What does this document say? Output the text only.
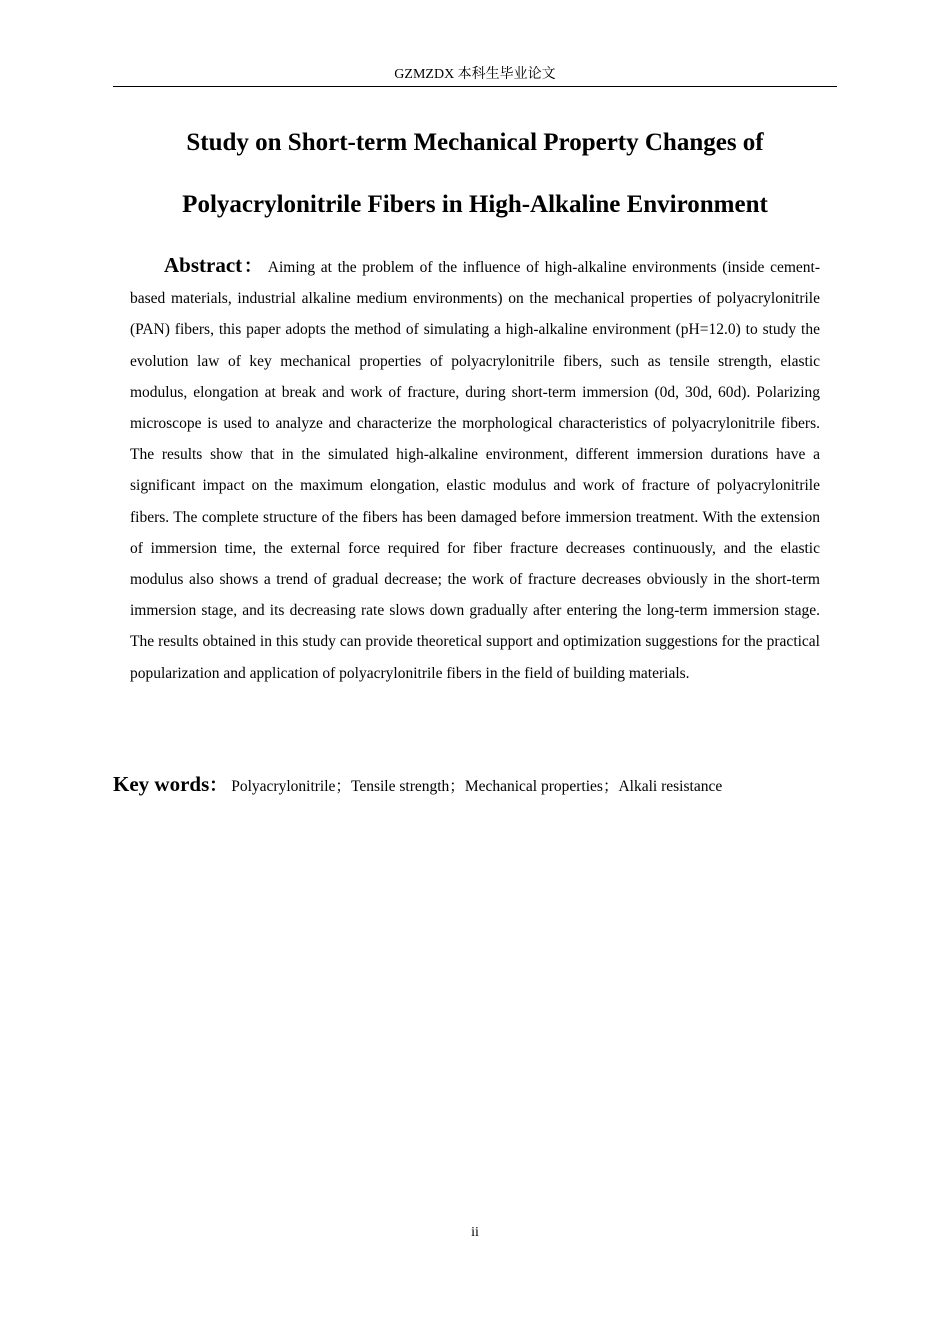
GZMZDX 本科生毕业论文
Study on Short-term Mechanical Property Changes of
Polyacrylonitrile Fibers in High-Alkaline Environment
Abstract： Aiming at the problem of the influence of high-alkaline environments (inside cement-based materials, industrial alkaline medium environments) on the mechanical properties of polyacrylonitrile (PAN) fibers, this paper adopts the method of simulating a high-alkaline environment (pH=12.0) to study the evolution law of key mechanical properties of polyacrylonitrile fibers, such as tensile strength, elastic modulus, elongation at break and work of fracture, during short-term immersion (0d, 30d, 60d). Polarizing microscope is used to analyze and characterize the morphological characteristics of polyacrylonitrile fibers. The results show that in the simulated high-alkaline environment, different immersion durations have a significant impact on the maximum elongation, elastic modulus and work of fracture of polyacrylonitrile fibers. The complete structure of the fibers has been damaged before immersion treatment. With the extension of immersion time, the external force required for fiber fracture decreases continuously, and the elastic modulus also shows a trend of gradual decrease; the work of fracture decreases obviously in the short-term immersion stage, and its decreasing rate slows down gradually after entering the long-term immersion stage. The results obtained in this study can provide theoretical support and optimization suggestions for the practical popularization and application of polyacrylonitrile fibers in the field of building materials.
Key words： Polyacrylonitrile；Tensile strength；Mechanical properties；Alkali resistance
ii
